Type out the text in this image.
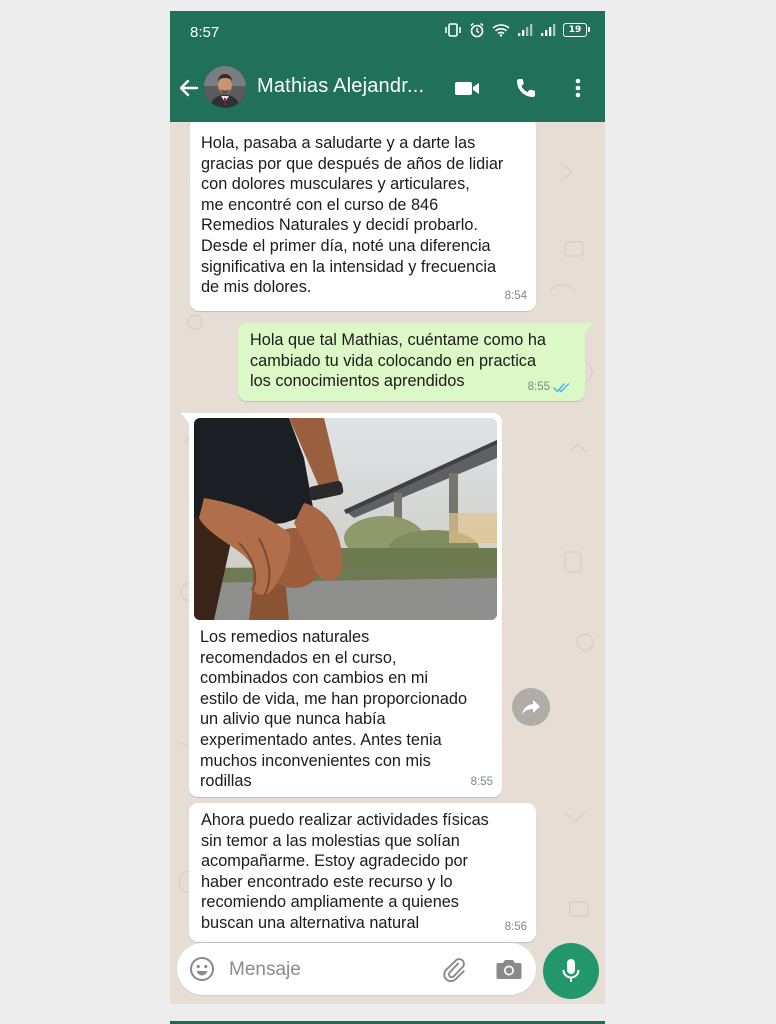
8:57	19
Mathias Alejandr...
Hola, pasaba a saludarte y a darte las
gracias por que después de años de lidiar
con dolores musculares y articulares,
me encontré con el curso de 846
Remedios Naturales y decidí probarlo.
Desde el primer día, noté una diferencia
significativa en la intensidad y frecuencia
de mis dolores.
8:54
Hola que tal Mathias, cuéntame como ha
cambiado tu vida colocando en practica
los conocimientos aprendidos	8:55
Los remedios naturales
recomendados en el curso,
combinados con cambios en mi
estilo de vida, me han proporcionado
un alivio que nunca había
experimentado antes. Antes tenia
muchos inconvenientes con mis
rodillas	8:55
Ahora puedo realizar actividades físicas
sin temor a las molestias que solían
acompañarme. Estoy agradecido por
haber encontrado este recurso y lo
recomiendo ampliamente a quienes
buscan una alternativa natural	8:56
Mensaje
